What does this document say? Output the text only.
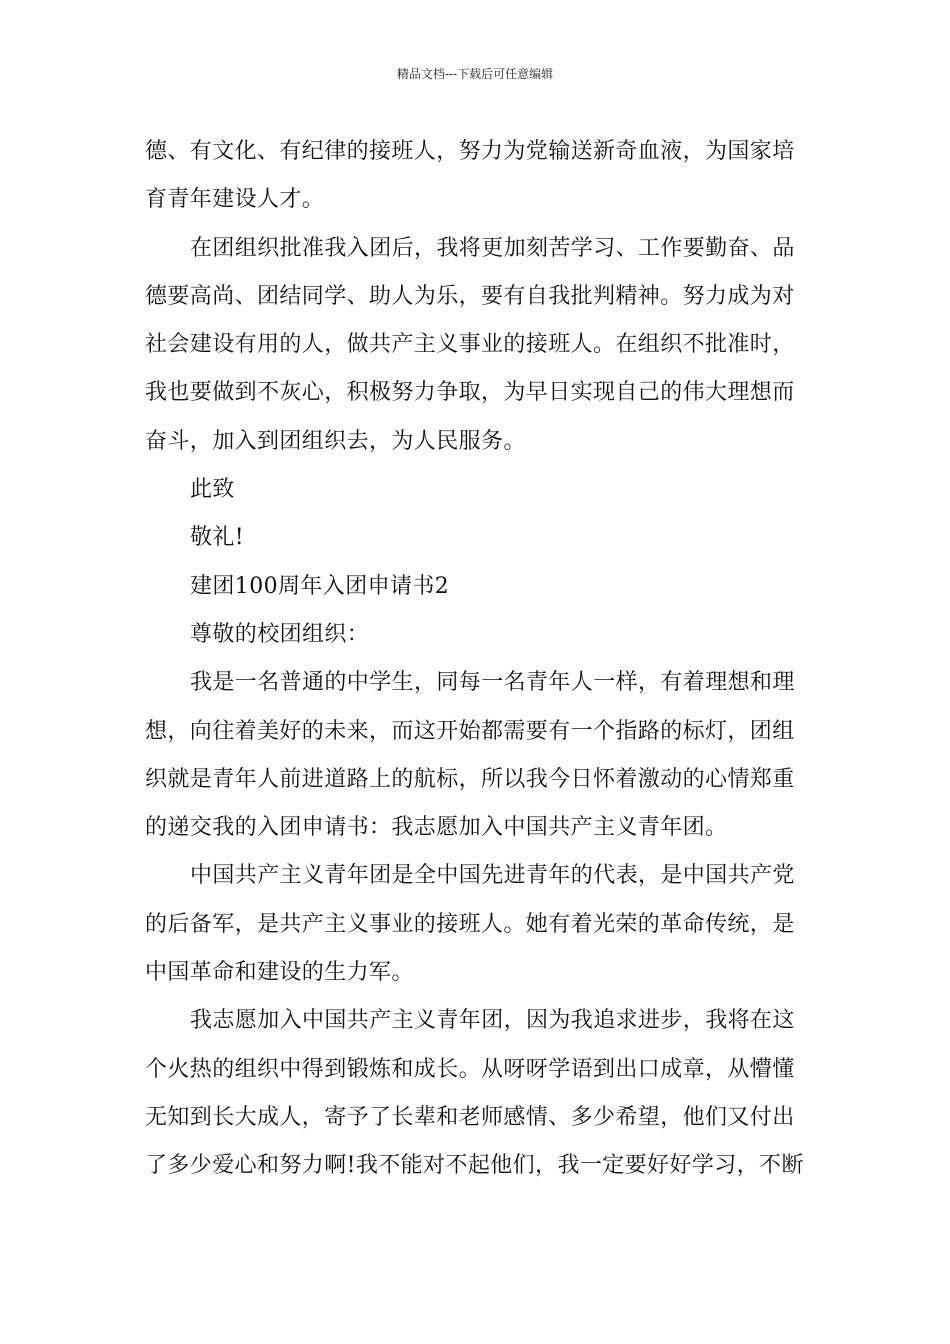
精品文档---下载后可任意编辑
德、有文化、有纪律的接班人，努力为党输送新奇血液，为国家培
育青年建设人才。
在团组织批准我入团后，我将更加刻苦学习、工作要勤奋、品
德要高尚、团结同学、助人为乐，要有自我批判精神。努力成为对
社会建设有用的人，做共产主义事业的接班人。在组织不批准时，
我也要做到不灰心，积极努力争取，为早日实现自己的伟大理想而
奋斗，加入到团组织去，为人民服务。
此致
敬礼!
建团100周年入团申请书2
尊敬的校团组织：
我是一名普通的中学生，同每一名青年人一样，有着理想和理
想，向往着美好的未来，而这开始都需要有一个指路的标灯，团组
织就是青年人前进道路上的航标，所以我今日怀着激动的心情郑重
的递交我的入团申请书：我志愿加入中国共产主义青年团。
中国共产主义青年团是全中国先进青年的代表，是中国共产党
的后备军，是共产主义事业的接班人。她有着光荣的革命传统，是
中国革命和建设的生力军。
我志愿加入中国共产主义青年团，因为我追求进步，我将在这
个火热的组织中得到锻炼和成长。从呀呀学语到出口成章，从懵懂
无知到长大成人，寄予了长辈和老师感情、多少希望，他们又付出
了多少爱心和努力啊!我不能对不起他们，我一定要好好学习，不断
